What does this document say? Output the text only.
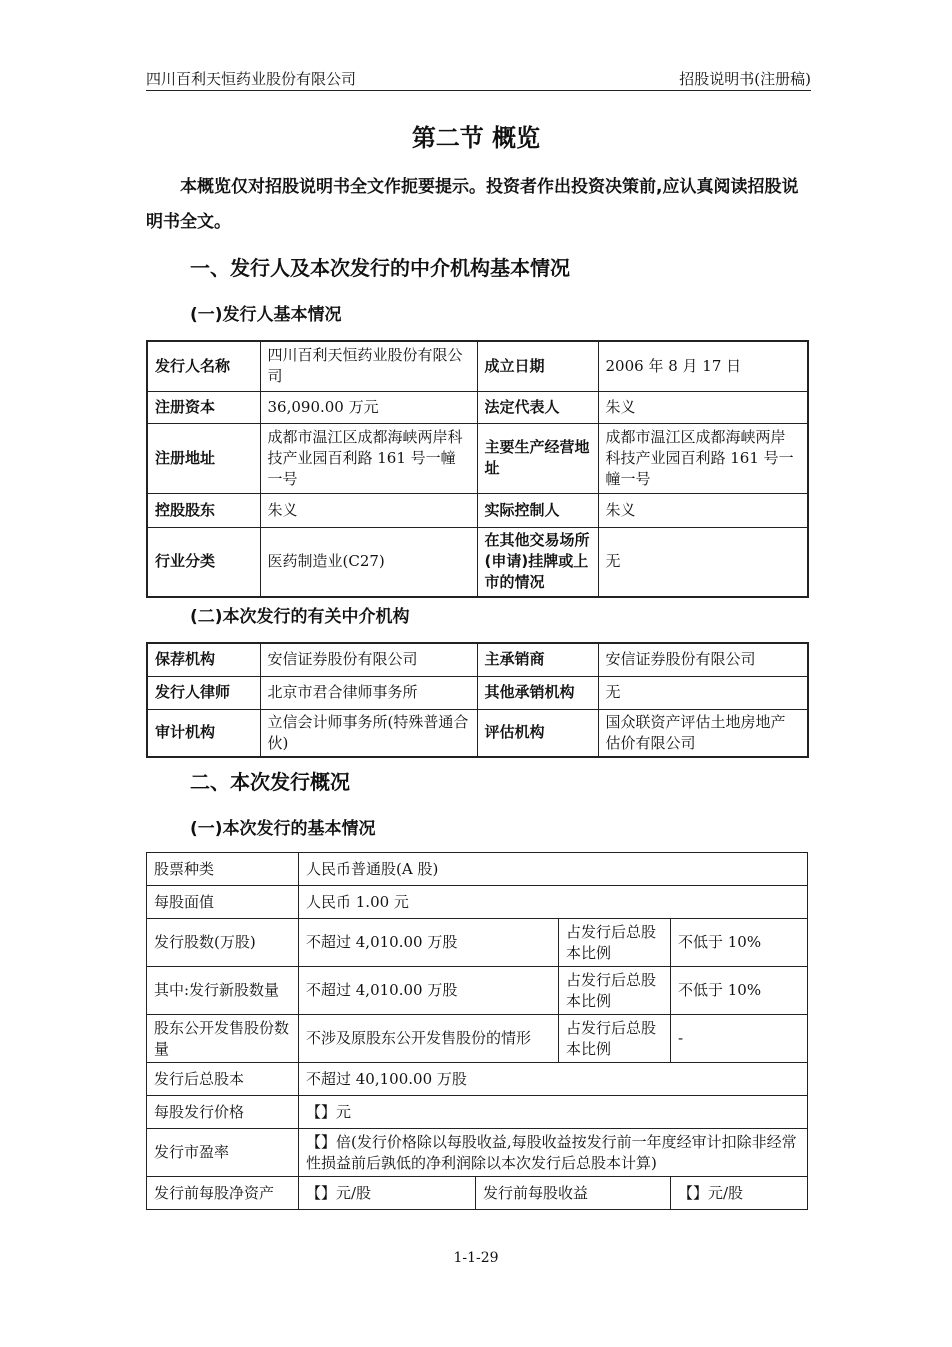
四川百利天恒药业股份有限公司	招股说明书(注册稿)
第二节 概览
本概览仅对招股说明书全文作扼要提示。投资者作出投资决策前,应认真阅读招股说明书全文。
一、发行人及本次发行的中介机构基本情况
(一)发行人基本情况
发行人名称	四川百利天恒药业股份有限公司	成立日期	2006 年 8 月 17 日
注册资本	36,090.00 万元	法定代表人	朱义
注册地址	成都市温江区成都海峡两岸科技产业园百利路 161 号一幢一号	主要生产经营地址	成都市温江区成都海峡两岸科技产业园百利路 161 号一幢一号
控股股东	朱义	实际控制人	朱义
行业分类	医药制造业(C27)	在其他交易场所(申请)挂牌或上市的情况	无
(二)本次发行的有关中介机构
保荐机构	安信证券股份有限公司	主承销商	安信证券股份有限公司
发行人律师	北京市君合律师事务所	其他承销机构	无
审计机构	立信会计师事务所(特殊普通合伙)	评估机构	国众联资产评估土地房地产估价有限公司
二、本次发行概况
(一)本次发行的基本情况
股票种类	人民币普通股(A 股)			
每股面值	人民币 1.00 元			
发行股数(万股)	不超过 4,010.00 万股		占发行后总股本比例	不低于 10%
其中:发行新股数量	不超过 4,010.00 万股		占发行后总股本比例	不低于 10%
股东公开发售股份数量	不涉及原股东公开发售股份的情形		占发行后总股本比例	-
发行后总股本	不超过 40,100.00 万股			
每股发行价格	【】元			
发行市盈率	【】倍(发行价格除以每股收益,每股收益按发行前一年度经审计扣除非经常性损益前后孰低的净利润除以本次发行后总股本计算)			
发行前每股净资产	【】元/股	发行前每股收益		【】元/股
1-1-29
